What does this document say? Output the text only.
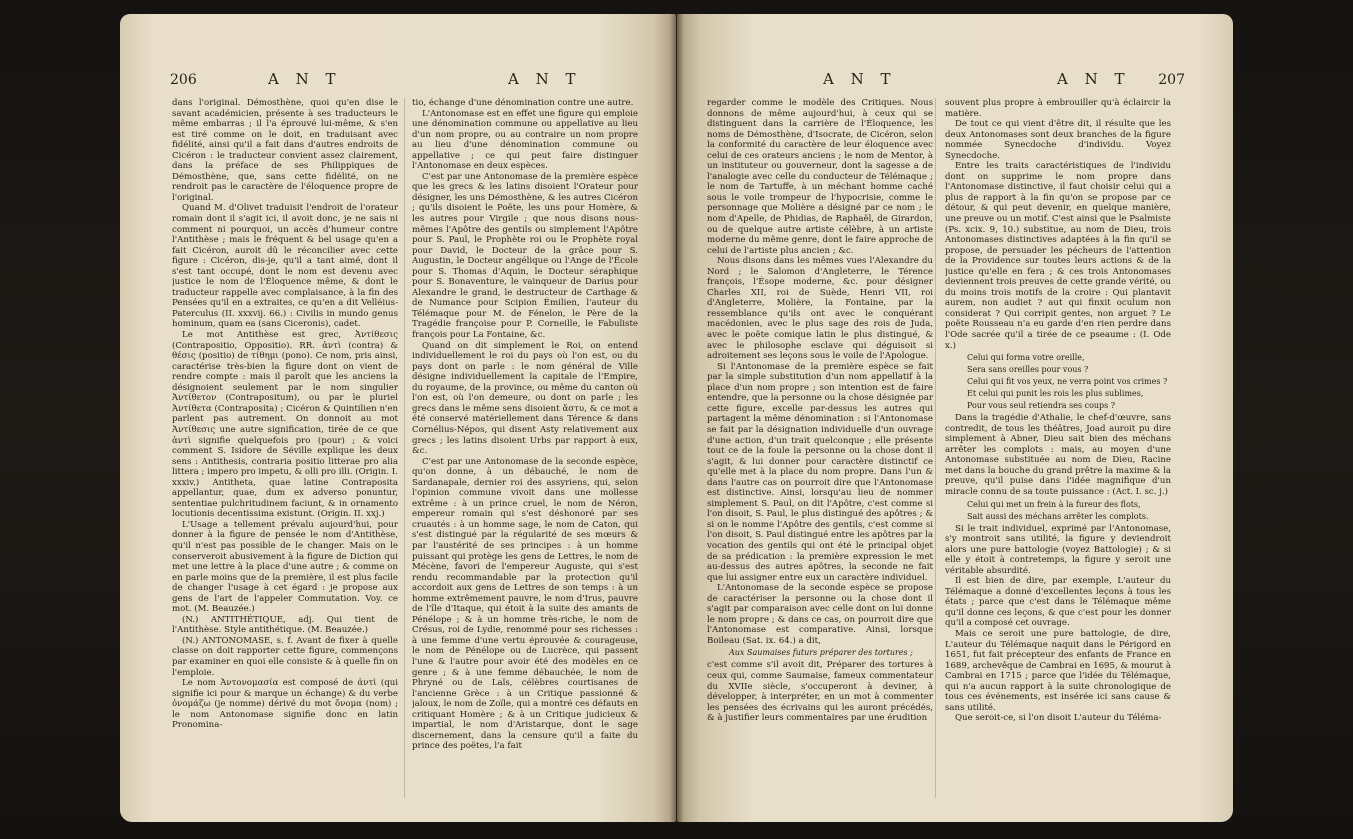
206	A N T	A N T

dans l'original. Démosthène, quoi qu'en dise le savant académicien, présente à ses traducteurs le même embarras ; il l'a éprouvé lui-même, & s'en est tiré comme on le doit, en traduisant avec fidélité, ainsi qu'il a fait dans d'autres endroits de Cicéron : le traducteur convient assez clairement, dans la préface de ses Philippiques de Démosthène, que, sans cette fidélité, on ne rendroit pas le caractère de l'éloquence propre de l'original.

Quand M. d'Olivet traduisit l'endroit de l'orateur romain dont il s'agit ici, il avoit donc, je ne sais ni comment ni pourquoi, un accès d'humeur contre l'Antithèse ; mais le fréquent & bel usage qu'en a fait Cicéron, auroit dû le réconcilier avec cette figure : Cicéron, dis-je, qu'il a tant aimé, dont il s'est tant occupé, dont le nom est devenu avec justice le nom de l'Éloquence même, & dont le traducteur rappelle avec complaisance, à la fin des Pensées qu'il en a extraites, ce qu'en a dit Velléius-Paterculus (II. xxxvij. 66.) : Civilis in mundo genus hominum, quam ea (sans Ciceronis), cadet.

Le mot Antithèse est grec, Ἀντίθεσις (Contrapositio, Oppositio). RR. ἀντὶ (contra) & θέσις (positio) de τίθημι (pono). Ce nom, pris ainsi, caractérise très-bien la figure dont on vient de rendre compte : mais il paroît que les anciens la désignoient seulement par le nom singulier Ἀντίθετον (Contrapositum), ou par le pluriel Ἀντίθετα (Contraposita) ; Cicéron & Quintilien n'en parlent pas autrement. On donnoit au mot Ἀντίθεσις une autre signification, tirée de ce que ἀντὶ signifie quelquefois pro (pour) ; & voici comment S. Isidore de Séville explique les deux sens : Antithesis, contraria positio litterae pro alia littera ; impero pro impetu, & olli pro illi. (Origin. I. xxxiv.) Antitheta, quae latine Contraposita appellantur, quae, dum ex adverso ponuntur, sententiae pulchritudinem faciunt, & in ornamento locutionis decentissima existunt. (Origin. II. xxj.)

L'Usage a tellement prévalu aujourd'hui, pour donner à la figure de pensée le nom d'Antithèse, qu'il n'est pas possible de le changer. Mais on le conserveroit abusivement à la figure de Diction qui met une lettre à la place d'une autre ; & comme on en parle moins que de la première, il est plus facile de changer l'usage à cet égard : je propose aux gens de l'art de l'appeler Commutation. Voy. ce mot. (M. Beauzée.)

(N.) ANTITHÉTIQUE, adj. Qui tient de l'Antithèse. Style antithétique. (M. Beauzée.)

(N.) ANTONOMASE, s. f. Avant de fixer à quelle classe on doit rapporter cette figure, commençons par examiner en quoi elle consiste & à quelle fin on l'emploie.

Le nom Ἀντονομασία est composé de ἀντὶ (qui signifie ici pour & marque un échange) & du verbe ὀνομάζω (je nomme) dérivé du mot ὄνομα (nom) ; le nom Antonomase signifie donc en latin Pronomina-

tio, échange d'une dénomination contre une autre.

L'Antonomase est en effet une figure qui emploie une dénomination commune ou appellative au lieu d'un nom propre, ou au contraire un nom propre au lieu d'une dénomination commune ou appellative ; ce qui peut faire distinguer l'Antonomase en deux espèces.

C'est par une Antonomase de la première espèce que les grecs & les latins disoient l'Orateur pour désigner, les uns Démosthène, & les autres Cicéron ; qu'ils disoient le Poëte, les uns pour Homère, & les autres pour Virgile ; que nous disons nous-mêmes l'Apôtre des gentils ou simplement l'Apôtre pour S. Paul, le Prophète roi ou le Prophète royal pour David, le Docteur de la grâce pour S. Augustin, le Docteur angélique ou l'Ange de l'École pour S. Thomas d'Aquin, le Docteur séraphique pour S. Bonaventure, le vainqueur de Darius pour Alexandre le grand, le destructeur de Carthage & de Numance pour Scipion Émilien, l'auteur du Télémaque pour M. de Fénelon, le Père de la Tragédie françoise pour P. Corneille, le Fabuliste françois pour La Fontaine, &c.

Quand on dit simplement le Roi, on entend individuellement le roi du pays où l'on est, ou du pays dont on parle : le nom général de Ville désigne individuellement la capitale de l'Empire, du royaume, de la province, ou même du canton où l'on est, où l'on demeure, ou dont on parle ; les grecs dans le même sens disoient ἄστυ, & ce mot a été conservé matériellement dans Térence & dans Cornélius-Népos, qui disent Asty relativement aux grecs ; les latins disoient Urbs par rapport à eux, &c.

C'est par une Antonomase de la seconde espèce, qu'on donne, à un débauché, le nom de Sardanapale, dernier roi des assyriens, qui, selon l'opinion commune vivoit dans une mollesse extrême : à un prince cruel, le nom de Néron, empereur romain qui s'est déshonoré par ses cruautés : à un homme sage, le nom de Caton, qui s'est distingué par la régularité de ses mœurs & par l'austérité de ses principes : à un homme puissant qui protège les gens de Lettres, le nom de Mécène, favori de l'empereur Auguste, qui s'est rendu recommandable par la protection qu'il accordoit aux gens de Lettres de son temps : à un homme extrêmement pauvre, le nom d'Irus, pauvre de l'île d'Itaque, qui étoit à la suite des amants de Pénélope ; & à un homme très-riche, le nom de Crésus, roi de Lydie, renommé pour ses richesses : à une femme d'une vertu éprouvée & courageuse, le nom de Pénélope ou de Lucrèce, qui passent l'une & l'autre pour avoir été des modèles en ce genre ; & à une femme débauchée, le nom de Phryné ou de Laïs, célèbres courtisanes de l'ancienne Grèce : à un Critique passionné & jaloux, le nom de Zoïle, qui a montré ces défauts en critiquant Homère ; & à un Critique judicieux & impartial, le nom d'Aristarque, dont le sage discernement, dans la censure qu'il a faite du prince des poëtes, l'a fait

A N T	A N T 207

regarder comme le modèle des Critiques. Nous donnons de même aujourd'hui, à ceux qui se distinguent dans la carrière de l'Éloquence, les noms de Démosthène, d'Isocrate, de Cicéron, selon la conformité du caractère de leur éloquence avec celui de ces orateurs anciens ; le nom de Mentor, à un instituteur ou gouverneur, dont la sagesse a de l'analogie avec celle du conducteur de Télémaque ; le nom de Tartuffe, à un méchant homme caché sous le voile trompeur de l'hypocrisie, comme le personnage que Molière a désigné par ce nom ; le nom d'Apelle, de Phidias, de Raphaël, de Girardon, ou de quelque autre artiste célèbre, à un artiste moderne du même genre, dont le faire approche de celui de l'artiste plus ancien ; &c.

Nous disons dans les mêmes vues l'Alexandre du Nord ; le Salomon d'Angleterre, le Térence françois, l'Ésope moderne, &c. pour désigner Charles XII, roi de Suède, Henri VII, roi d'Angleterre, Molière, la Fontaine, par la ressemblance qu'ils ont avec le conquérant macédonien, avec le plus sage des rois de Juda, avec le poëte comique latin le plus distingué, & avec le philosophe esclave qui déguisoit si adroitement ses leçons sous le voile de l'Apologue.

Si l'Antonomase de la première espèce se fait par la simple substitution d'un nom appellatif à la place d'un nom propre ; son intention est de faire entendre, que la personne ou la chose désignée par cette figure, excelle par-dessus les autres qui partagent la même dénomination : si l'Antonomase se fait par la désignation individuelle d'un ouvrage d'une action, d'un trait quelconque ; elle présente tout ce de la foule la personne ou la chose dont il s'agit, & lui donner pour caractère distinctif ce qu'elle met à la place du nom propre. Dans l'un & dans l'autre cas on pourroit dire que l'Antonomase est distinctive. Ainsi, lorsqu'au lieu de nommer simplement S. Paul, on dit l'Apôtre, c'est comme si l'on disoit, S. Paul, le plus distingué des apôtres ; & si on le nomme l'Apôtre des gentils, c'est comme si l'on disoit, S. Paul distingué entre les apôtres par la vocation des gentils qui ont été le principal objet de sa prédication : la première expression le met au-dessus des autres apôtres, la seconde ne fait que lui assigner entre eux un caractère individuel.

L'Antonomase de la seconde espèce se propose de caractériser la personne ou la chose dont il s'agit par comparaison avec celle dont on lui donne le nom propre ; & dans ce cas, on pourroit dire que l'Antonomase est comparative. Ainsi, lorsque Boileau (Sat. ix. 64.) a dit,

Aux Saumaises futurs préparer des tortures ;

c'est comme s'il avoit dit, Préparer des tortures à ceux qui, comme Saumaise, fameux commentateur du XVIIe siècle, s'occuperont à deviner, à développer, à interpréter, en un mot à commenter les pensées des écrivains qui les auront précédés, & à justifier leurs commentaires par une érudition

souvent plus propre à embrouiller qu'à éclaircir la matière.

De tout ce qui vient d'être dit, il résulte que les deux Antonomases sont deux branches de la figure nommée Synecdoche d'individu. Voyez Synecdoche.

Entre les traits caractéristiques de l'individu dont on supprime le nom propre dans l'Antonomase distinctive, il faut choisir celui qui a plus de rapport à la fin qu'on se propose par ce détour, & qui peut devenir, en quelque manière, une preuve ou un motif. C'est ainsi que le Psalmiste (Ps. xcix. 9, 10.) substitue, au nom de Dieu, trois Antonomases distinctives adaptées à la fin qu'il se propose, de persuader les pécheurs de l'attention de la Providence sur toutes leurs actions & de la justice qu'elle en fera ; & ces trois Antonomases deviennent trois preuves de cette grande vérité, ou du moins trois motifs de la croire : Qui plantavit aurem, non audiet ? aut qui finxit oculum non considerat ? Qui corripit gentes, non arguet ? Le poëte Rousseau n'a eu garde d'en rien perdre dans l'Ode sacrée qu'il a tirée de ce pseaume : (I. Ode x.)

Celui qui forma votre oreille,
Sera sans oreilles pour vous ?
Celui qui fit vos yeux, ne verra point vos crimes ?
Et celui qui punit les rois les plus sublimes,
Pour vous seul retiendra ses coups ?

Dans la tragédie d'Athalie, le chef-d'œuvre, sans contredit, de tous les théâtres, Joad auroit pu dire simplement à Abner, Dieu sait bien des méchans arrêter les complots : mais, au moyen d'une Antonomase substituée au nom de Dieu, Racine met dans la bouche du grand prêtre la maxime & la preuve, qu'il puise dans l'idée magnifique d'un miracle connu de sa toute puissance : (Act. I. sc. j.)

Celui qui met un frein à la fureur des flots,
Sait aussi des méchans arrêter les complots.

Si le trait individuel, exprimé par l'Antonomase, s'y montroit sans utilité, la figure y deviendroit alors une pure battologie (voyez Battologie) ; & si elle y étoit à contretemps, la figure y seroit une véritable absurdité.

Il est bien de dire, par exemple, L'auteur du Télémaque a donné d'excellentes leçons à tous les états ; parce que c'est dans le Télémaque même qu'il donne ces leçons, & que c'est pour les donner qu'il a composé cet ouvrage.

Mais ce seroit une pure battologie, de dire, L'auteur du Télémaque naquit dans le Périgord en 1651, fut fait précepteur des enfants de France en 1689, archevêque de Cambrai en 1695, & mourut à Cambrai en 1715 ; parce que l'idée du Télémaque, qui n'a aucun rapport à la suite chronologique de tous ces événements, est insérée ici sans cause & sans utilité.

Que seroit-ce, si l'on disoit L'auteur du Téléma-
